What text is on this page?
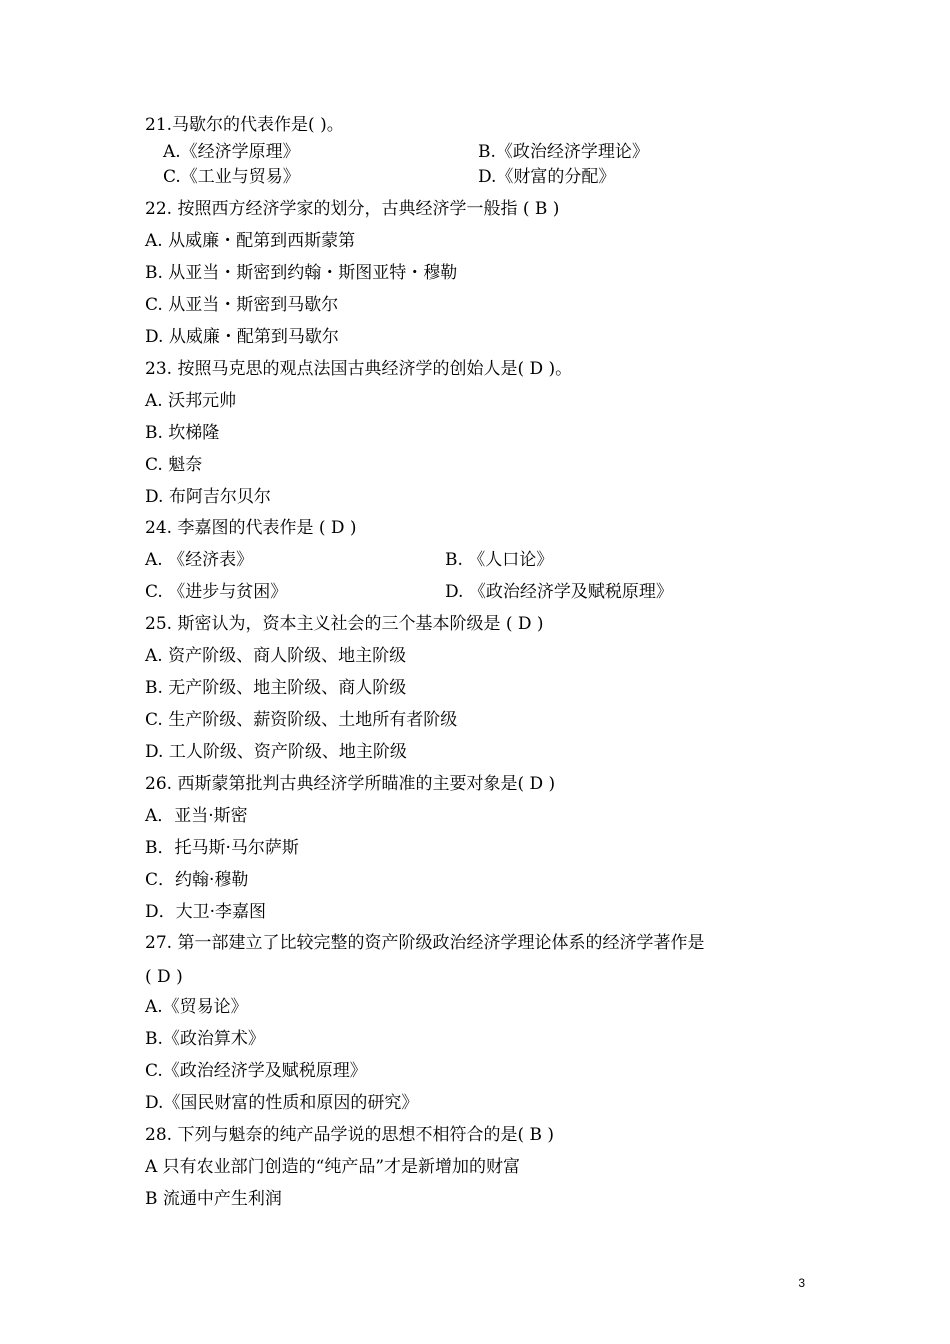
21.马歇尔的代表作是( )。
A.《经济学原理》	B.《政治经济学理论》
C.《工业与贸易》	D.《财富的分配》
22. 按照西方经济学家的划分，古典经济学一般指 ( B )
A. 从威廉・配第到西斯蒙第
B. 从亚当・斯密到约翰・斯图亚特・穆勒
C. 从亚当・斯密到马歇尔
D. 从威廉・配第到马歇尔
23. 按照马克思的观点法国古典经济学的创始人是( D )。
A. 沃邦元帅
B. 坎梯隆
C. 魁奈
D. 布阿吉尔贝尔
24. 李嘉图的代表作是 ( D )
A. 《经济表》	B. 《人口论》
C. 《进步与贫困》	D. 《政治经济学及赋税原理》
25. 斯密认为，资本主义社会的三个基本阶级是 ( D )
A. 资产阶级、商人阶级、地主阶级
B. 无产阶级、地主阶级、商人阶级
C. 生产阶级、薪资阶级、土地所有者阶级
D. 工人阶级、资产阶级、地主阶级
26. 西斯蒙第批判古典经济学所瞄准的主要对象是( D )
A．亚当·斯密
B．托马斯·马尔萨斯
C．约翰·穆勒
D．大卫·李嘉图
27. 第一部建立了比较完整的资产阶级政治经济学理论体系的经济学著作是
( D )
A.《贸易论》
B.《政治算术》
C.《政治经济学及赋税原理》
D.《国民财富的性质和原因的研究》
28. 下列与魁奈的纯产品学说的思想不相符合的是( B )
A 只有农业部门创造的“纯产品”才是新增加的财富
B 流通中产生利润
3
